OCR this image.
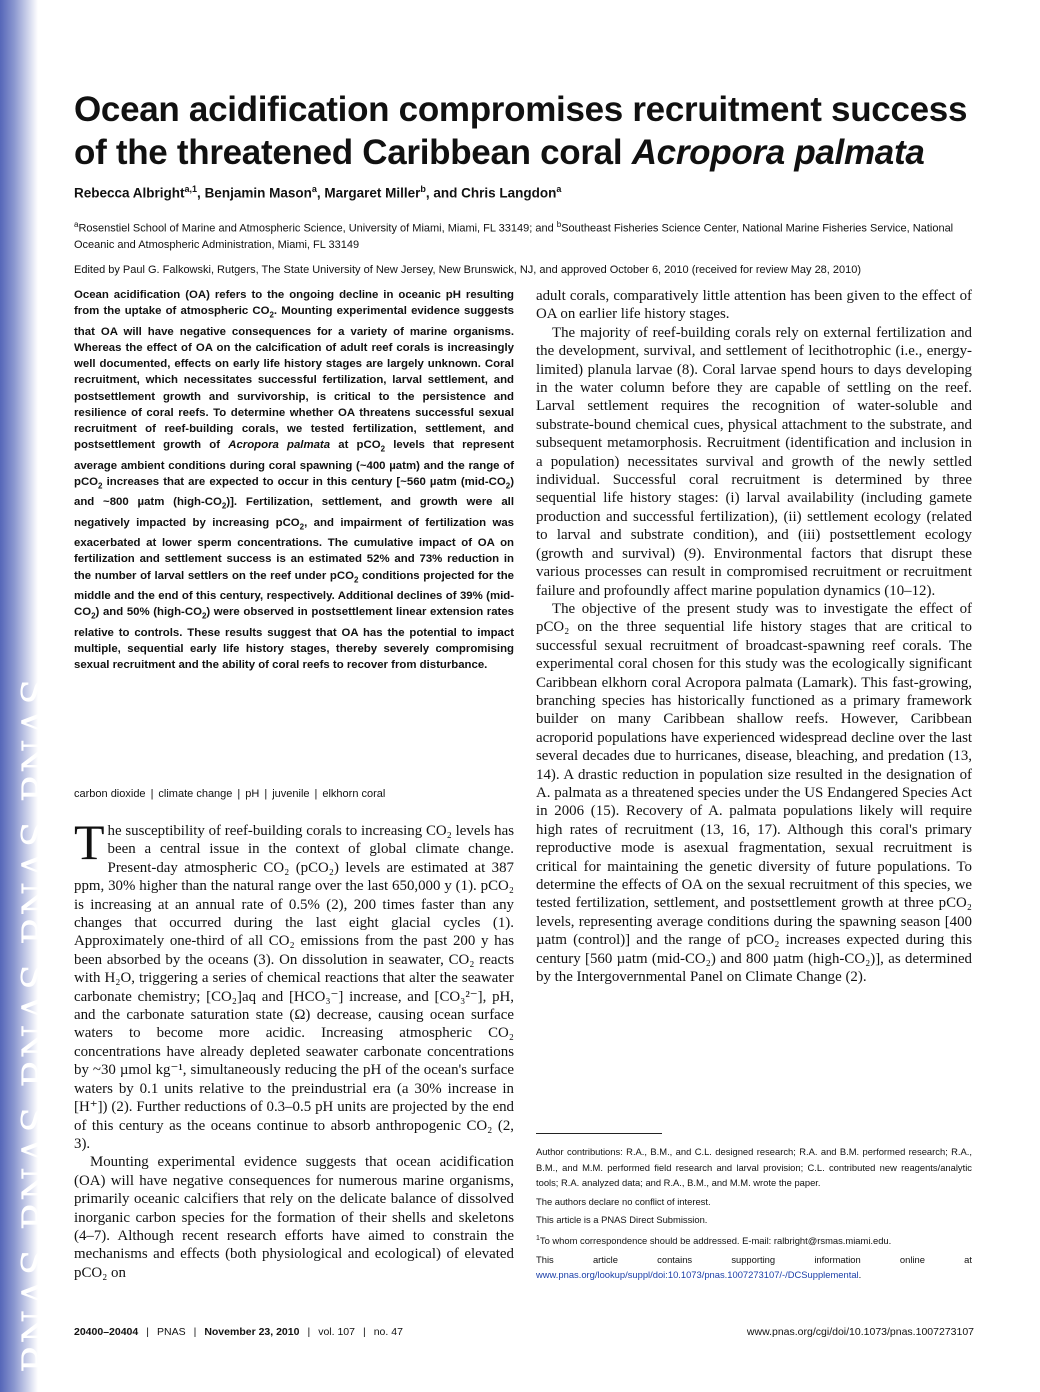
PNAS PNAS PNAS PNAS PNAS
Ocean acidification compromises recruitment success
of the threatened Caribbean coral Acropora palmata
Rebecca Albright$^{a,1}$, Benjamin Mason$^a$, Margaret Miller$^b$, and Chris Langdon$^a$
$^a$Rosenstiel School of Marine and Atmospheric Science, University of Miami, Miami, FL 33149; and $^b$Southeast Fisheries Science Center, National Marine Fisheries Service, National Oceanic and Atmospheric Administration, Miami, FL 33149
Edited by Paul G. Falkowski, Rutgers, The State University of New Jersey, New Brunswick, NJ, and approved October 6, 2010 (received for review May 28, 2010)

Ocean acidification (OA) refers to the ongoing decline in oceanic pH resulting from the uptake of atmospheric $CO_2$. Mounting experimental evidence suggests that OA will have negative consequences for a variety of marine organisms. Whereas the effect of OA on the calcification of adult reef corals is increasingly well documented, effects on early life history stages are largely unknown. Coral recruitment, which necessitates successful fertilization, larval settlement, and postsettlement growth and survivorship, is critical to the persistence and resilience of coral reefs. To determine whether OA threatens successful sexual recruitment of reef-building corals, we tested fertilization, settlement, and postsettlement growth of Acropora palmata at pCO$_2$ levels that represent average ambient conditions during coral spawning (~400 µatm) and the range of pCO$_2$ increases that are expected to occur in this century [~560 µatm $(mid-CO_2)$ and ~800 µatm $(high-CO_2)$]. Fertilization, settlement, and growth were all negatively impacted by increasing pCO$_2$, and impairment of fertilization was exacerbated at lower sperm concentrations. The cumulative impact of OA on fertilization and settlement success is an estimated 52% and 73% reduction in the number of larval settlers on the reef under pCO$_2$ conditions projected for the middle and the end of this century, respectively. Additional declines of 39% $(mid-CO_2)$ and 50% $(high-CO_2)$ were observed in postsettlement linear extension rates relative to controls. These results suggest that OA has the potential to impact multiple, sequential early life history stages, thereby severely compromising sexual recruitment and the ability of coral reefs to recover from disturbance.

carbon dioxide | climate change | pH | juvenile | elkhorn coral

The susceptibility of reef-building corals to increasing CO₂ levels has been a central issue in the context of global climate change. Present-day atmospheric CO₂ (pCO₂) levels are estimated at 387 ppm, 30% higher than the natural range over the last 650,000 y (1). pCO₂ is increasing at an annual rate of 0.5% (2), 200 times faster than any changes that occurred during the last eight glacial cycles (1). Approximately one-third of all CO₂ emissions from the past 200 y has been absorbed by the oceans (3). On dissolution in seawater, CO₂ reacts with H₂O, triggering a series of chemical reactions that alter the seawater carbonate chemistry; [CO₂]aq and [HCO₃⁻] increase, and [CO₃²⁻], pH, and the carbonate saturation state (Ω) decrease, causing ocean surface waters to become more acidic. Increasing atmospheric CO₂ concentrations have already depleted seawater carbonate concentrations by ~30 µmol kg⁻¹, simultaneously reducing the pH of the ocean's surface waters by 0.1 units relative to the preindustrial era (a 30% increase in [H⁺]) (2). Further reductions of 0.3–0.5 pH units are projected by the end of this century as the oceans continue to absorb anthropogenic CO₂ (2, 3).

Mounting experimental evidence suggests that ocean acidification (OA) will have negative consequences for numerous marine organisms, primarily oceanic calcifiers that rely on the delicate balance of dissolved inorganic carbon species for the formation of their shells and skeletons (4–7). Although recent research efforts have aimed to constrain the mechanisms and effects (both physiological and ecological) of elevated pCO₂ on

adult corals, comparatively little attention has been given to the effect of OA on earlier life history stages.

The majority of reef-building corals rely on external fertilization and the development, survival, and settlement of lecithotrophic (i.e., energy-limited) planula larvae (8). Coral larvae spend hours to days developing in the water column before they are capable of settling on the reef. Larval settlement requires the recognition of water-soluble and substrate-bound chemical cues, physical attachment to the substrate, and subsequent metamorphosis. Recruitment (identification and inclusion in a population) necessitates survival and growth of the newly settled individual. Successful coral recruitment is determined by three sequential life history stages: (i) larval availability (including gamete production and successful fertilization), (ii) settlement ecology (related to larval and substrate condition), and (iii) postsettlement ecology (growth and survival) (9). Environmental factors that disrupt these various processes can result in compromised recruitment or recruitment failure and profoundly affect marine population dynamics (10–12).

The objective of the present study was to investigate the effect of pCO₂ on the three sequential life history stages that are critical to successful sexual recruitment of broadcast-spawning reef corals. The experimental coral chosen for this study was the ecologically significant Caribbean elkhorn coral Acropora palmata (Lamark). This fast-growing, branching species has historically functioned as a primary framework builder on many Caribbean shallow reefs. However, Caribbean acroporid populations have experienced widespread decline over the last several decades due to hurricanes, disease, bleaching, and predation (13, 14). A drastic reduction in population size resulted in the designation of A. palmata as a threatened species under the US Endangered Species Act in 2006 (15). Recovery of A. palmata populations likely will require high rates of recruitment (13, 16, 17). Although this coral's primary reproductive mode is asexual fragmentation, sexual recruitment is critical for maintaining the genetic diversity of future populations. To determine the effects of OA on the sexual recruitment of this species, we tested fertilization, settlement, and postsettlement growth at three pCO₂ levels, representing average conditions during the spawning season [400 µatm (control)] and the range of pCO₂ increases expected during this century [560 µatm (mid-CO₂) and 800 µatm (high-CO₂)], as determined by the Intergovernmental Panel on Climate Change (2).

Author contributions: R.A., B.M., and C.L. designed research; R.A. and B.M. performed research; R.A., B.M., and M.M. performed field research and larval provision; C.L. contributed new reagents/analytic tools; R.A. analyzed data; and R.A., B.M., and M.M. wrote the paper.

The authors declare no conflict of interest.

This article is a PNAS Direct Submission.

$^1$To whom correspondence should be addressed. E-mail: ralbright@rsmas.miami.edu.

This article contains supporting information online at www.pnas.org/lookup/suppl/doi:10.1073/pnas.1007273107/-/DCSupplemental.

20400–20404 | PNAS | November 23, 2010 | vol. 107 | no. 47	www.pnas.org/cgi/doi/10.1073/pnas.1007273107
